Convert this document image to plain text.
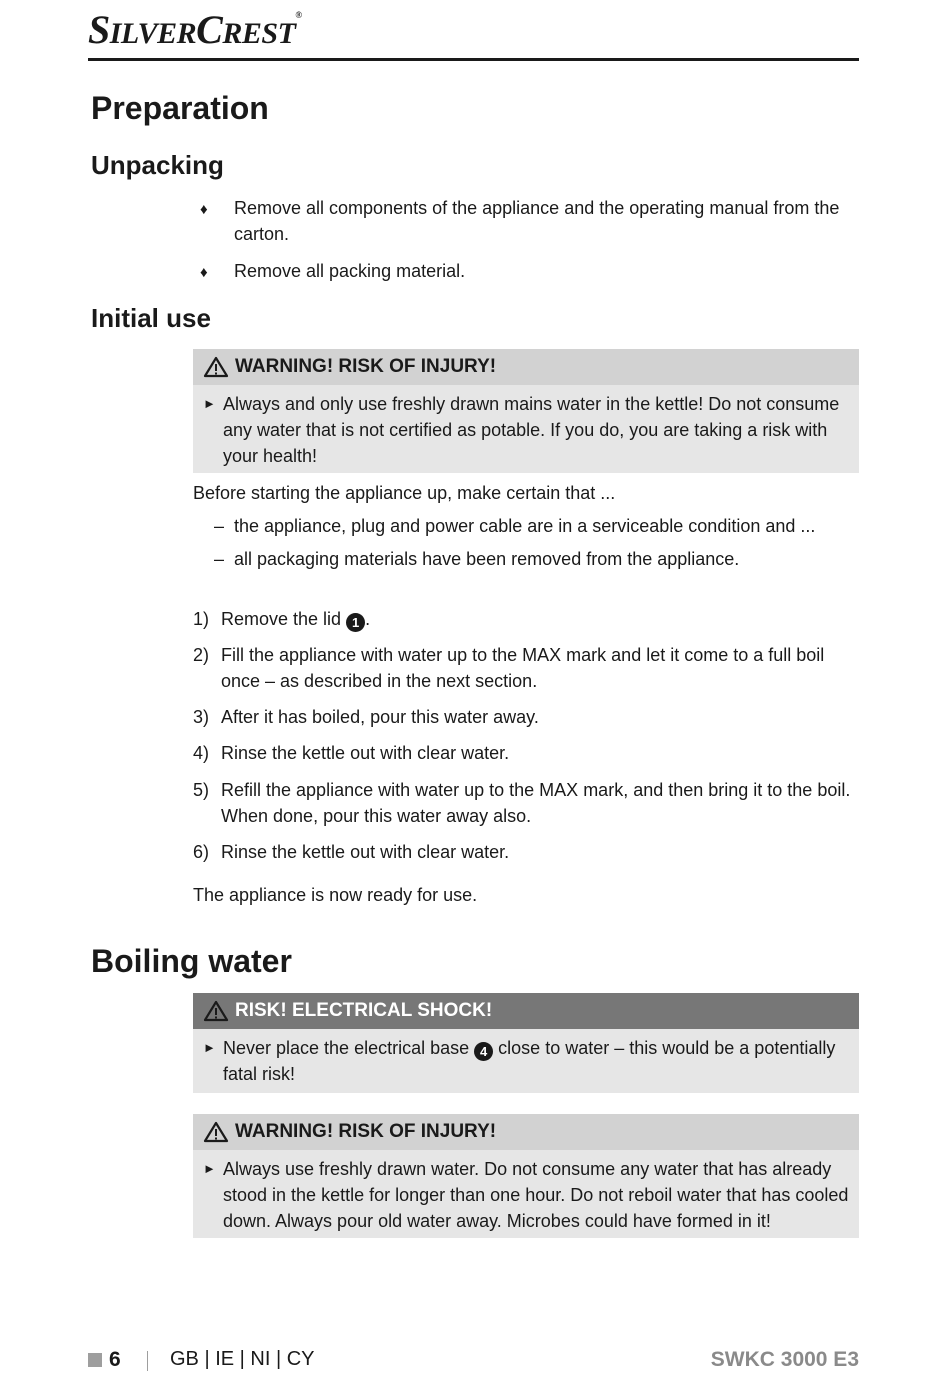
SILVERCREST®
Preparation
Unpacking
♦ Remove all components of the appliance and the operating manual from the carton.
♦ Remove all packing material.
Initial use
WARNING! RISK OF INJURY!
► Always and only use freshly drawn mains water in the kettle! Do not consume any water that is not certified as potable. If you do, you are taking a risk with your health!
Before starting the appliance up, make certain that ...
– the appliance, plug and power cable are in a serviceable condition and ...
– all packaging materials have been removed from the appliance.
1) Remove the lid 1 .
2) Fill the appliance with water up to the MAX mark and let it come to a full boil once – as described in the next section.
3) After it has boiled, pour this water away.
4) Rinse the kettle out with clear water.
5) Refill the appliance with water up to the MAX mark, and then bring it to the boil. When done, pour this water away also.
6) Rinse the kettle out with clear water.
The appliance is now ready for use.
Boiling water
RISK! ELECTRICAL SHOCK!
► Never place the electrical base 4 close to water – this would be a potentially fatal risk!
WARNING! RISK OF INJURY!
► Always use freshly drawn water. Do not consume any water that has already stood in the kettle for longer than one hour. Do not reboil water that has cooled down. Always pour old water away. Microbes could have formed in it!
6 GB | IE | NI | CY	SWKC 3000 E3
